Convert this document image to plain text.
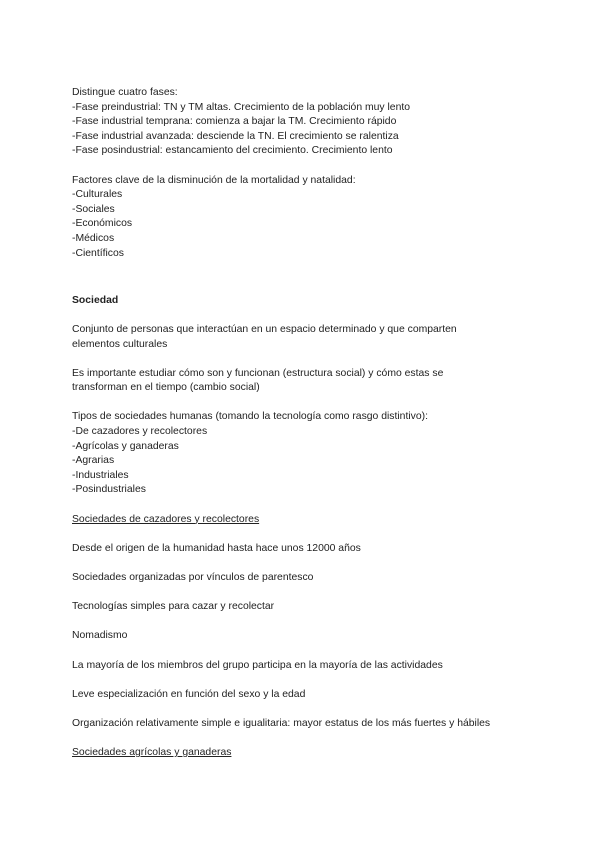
Distingue cuatro fases:
-Fase preindustrial: TN y TM altas. Crecimiento de la población muy lento
-Fase industrial temprana: comienza a bajar la TM. Crecimiento rápido
-Fase industrial avanzada: desciende la TN. El crecimiento se ralentiza
-Fase posindustrial: estancamiento del crecimiento. Crecimiento lento
Factores clave de la disminución de la mortalidad y natalidad:
-Culturales
-Sociales
-Económicos
-Médicos
-Científicos
Sociedad
Conjunto de personas que interactúan en un espacio determinado y que comparten
elementos culturales
Es importante estudiar cómo son y funcionan (estructura social) y cómo estas se
transforman en el tiempo (cambio social)
Tipos de sociedades humanas (tomando la tecnología como rasgo distintivo):
-De cazadores y recolectores
-Agrícolas y ganaderas
-Agrarias
-Industriales
-Posindustriales
Sociedades de cazadores y recolectores
Desde el origen de la humanidad hasta hace unos 12000 años
Sociedades organizadas por vínculos de parentesco
Tecnologías simples para cazar y recolectar
Nomadismo
La mayoría de los miembros del grupo participa en la mayoría de las actividades
Leve especialización en función del sexo y la edad
Organización relativamente simple e igualitaria: mayor estatus de los más fuertes y hábiles
Sociedades agrícolas y ganaderas
